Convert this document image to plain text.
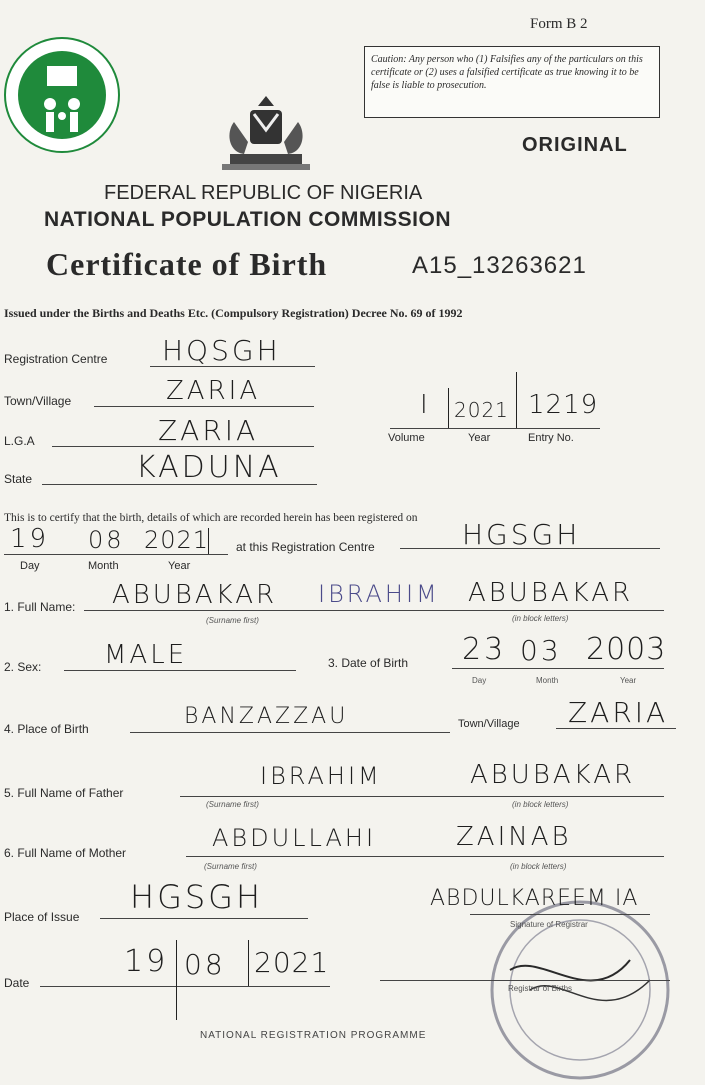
Form B 2
Caution: Any person who (1) Falsifies any of the particulars on this certificate or (2) uses a falsified certificate as true knowing it to be false is liable to prosecution.
ORIGINAL
FEDERAL REPUBLIC OF NIGERIA
NATIONAL POPULATION COMMISSION
Certificate of Birth	A15_13263621
Issued under the Births and Deaths Etc. (Compulsory Registration) Decree No. 69 of 1992
Registration Centre HQSGH
Town/Village	ZARIA
L.G.A	ZARIA
State	KADUNA
I 2021 1219
Volume	Year	Entry No.
This is to certify that the birth, details of which are recorded herein has been registered on
19 08 2021
Day	Month	Year
at this Registration Centre	HGSGH
1. Full Name: ABUBAKAR IBRAHIM ABUBAKAR
(Surname first)	(in block letters)
2. Sex: MALE	3. Date of Birth 23 03 2003
Day	Month	Year
4. Place of Birth	BANZAZZAU	Town/Village ZARIA
5. Full Name of Father
IBRAHIM	ABUBAKAR
(Surname first)	(in block letters)
6. Full Name of Mother
ABDULLAHI	ZAINAB
(Surname first)	(in block letters)
Place of Issue
HGSGH
Date
19 08 2021
ABDULKAREEM IA
Signature of Registrar
Registrar of Births
NATIONAL REGISTRATION PROGRAMME
